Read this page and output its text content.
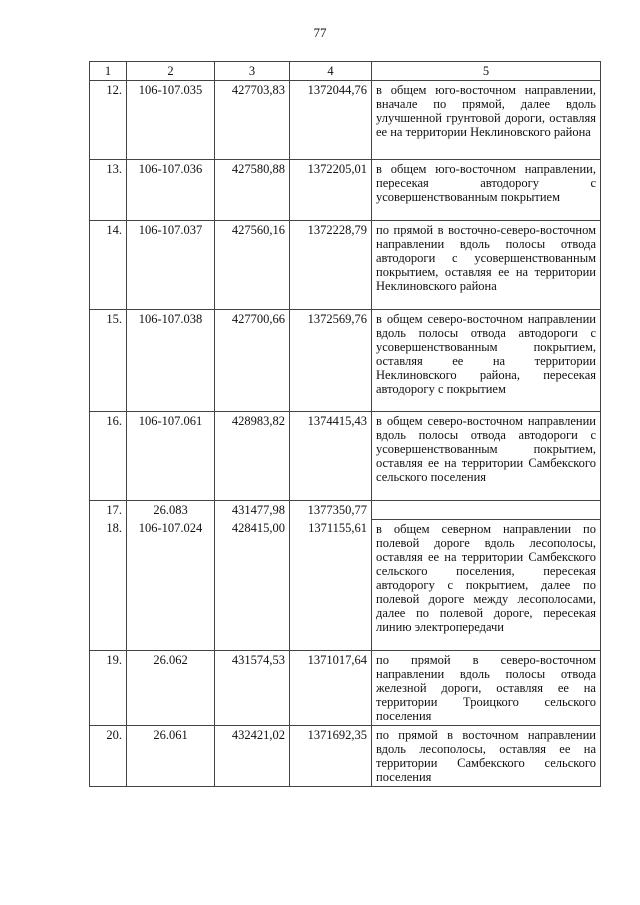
77
1	2	3	4	5
12.	106-107.035	427703,83	1372044,76	в общем юго-восточном направлении, вначале по прямой, далее вдоль улучшенной грунтовой дороги, оставляя ее на территории Неклиновского района
13.	106-107.036	427580,88	1372205,01	в общем юго-восточном направлении, пересекая автодорогу с усовершенствованным покрытием
14.	106-107.037	427560,16	1372228,79	по прямой в восточно-северо-восточном направлении вдоль полосы отвода автодороги с усовершенствованным покрытием, оставляя ее на территории Неклиновского района
15.	106-107.038	427700,66	1372569,76	в общем северо-восточном направлении вдоль полосы отвода автодороги с усовершенствованным покрытием, оставляя ее на территории Неклиновского района, пересекая автодорогу с покрытием
16.	106-107.061	428983,82	1374415,43	в общем северо-восточном направлении вдоль полосы отвода автодороги с усовершенствованным покрытием, оставляя ее на территории Самбекского сельского поселения
17.	26.083	431477,98	1377350,77	
18.	106-107.024	428415,00	1371155,61	в общем северном направлении по полевой дороге вдоль лесополосы, оставляя ее на территории Самбекского сельского поселения, пересекая автодорогу с покрытием, далее по полевой дороге между лесополосами, далее по полевой дороге, пересекая линию электропередачи
19.	26.062	431574,53	1371017,64	по прямой в северо-восточном направлении вдоль полосы отвода железной дороги, оставляя ее на территории Троицкого сельского поселения
20.	26.061	432421,02	1371692,35	по прямой в восточном направлении вдоль лесополосы, оставляя ее на территории Самбекского сельского поселения
